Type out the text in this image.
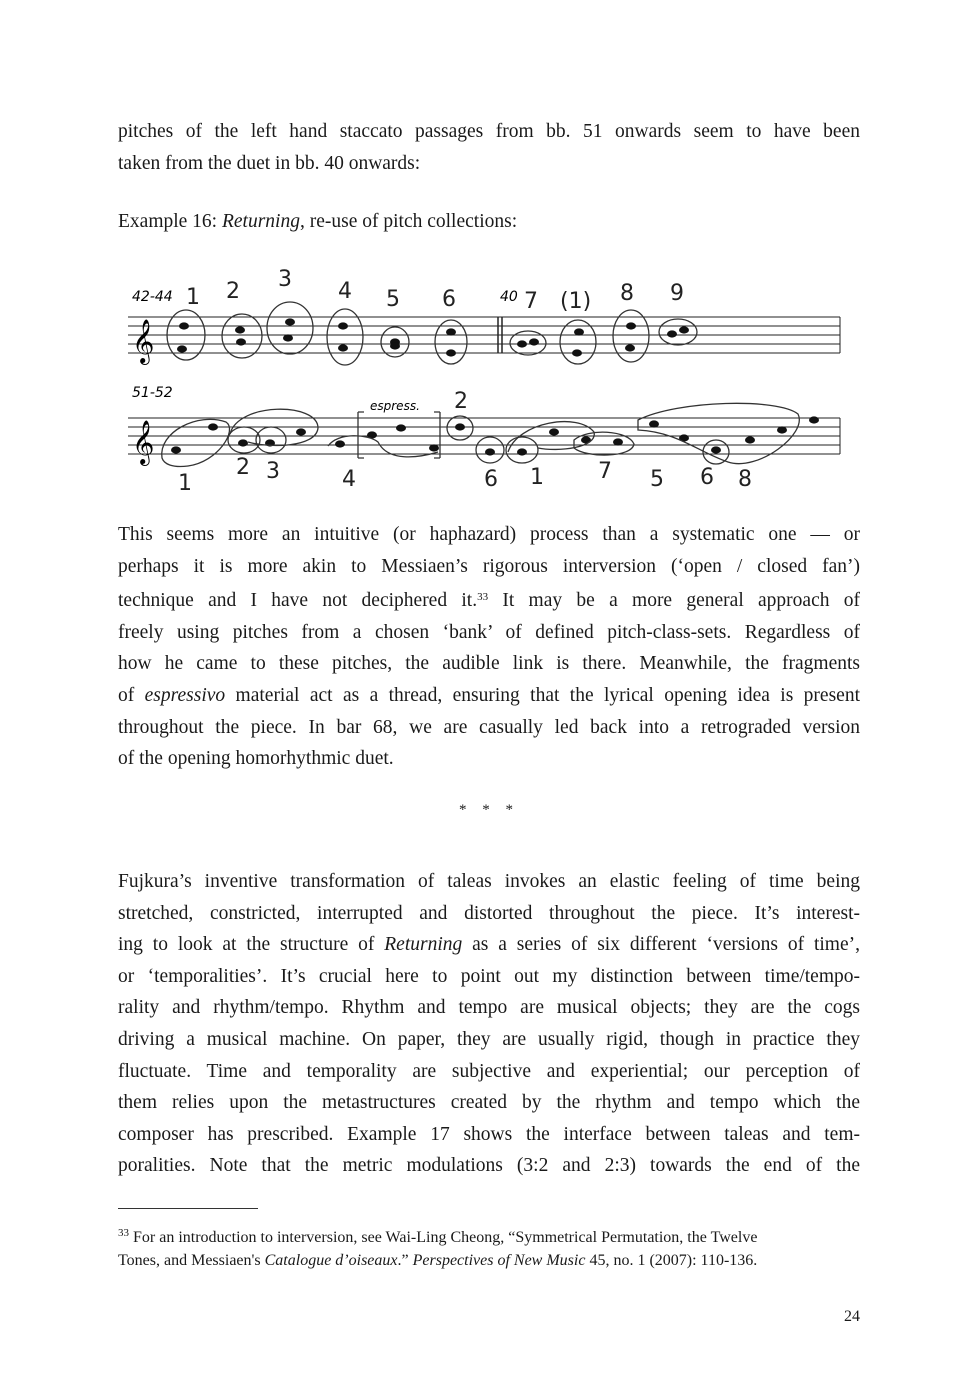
pitches of the left hand staccato passages from bb. 51 onwards seem to have been
taken from the duet in bb. 40 onwards:

Example 16: Returning, re-use of pitch collections:

𝄞
42-44	40
1 2 3 4 5 6	7 (1) 8 9
𝄞
51-52
espress.
1
2 3	4
2
6 1 7 5 6 8
This seems more an intuitive (or haphazard) process than a systematic one — or
perhaps it is more akin to Messiaen’s rigorous interversion (‘open / closed fan’)
technique and I have not deciphered it.$^{33}$ It may be a more general approach of
freely using pitches from a chosen ‘bank’ of defined pitch-class-sets. Regardless of
how he came to these pitches, the audible link is there. Meanwhile, the fragments
of espressivo material act as a thread, ensuring that the lyrical opening idea is present
throughout the piece. In bar 68, we are casually led back into a retrograded version
of the opening homorhythmic duet.
* * *
Fujkura’s inventive transformation of taleas invokes an elastic feeling of time being
stretched, constricted, interrupted and distorted throughout the piece. It’s interest-
ing to look at the structure of Returning as a series of six different ‘versions of time’,
or ‘temporalities’. It’s crucial here to point out my distinction between time/tempo-
rality and rhythm/tempo. Rhythm and tempo are musical objects; they are the cogs
driving a musical machine. On paper, they are usually rigid, though in practice they
fluctuate. Time and temporality are subjective and experiential; our perception of
them relies upon the metastructures created by the rhythm and tempo which the
composer has prescribed. Example 17 shows the interface between taleas and tem-
poralities. Note that the metric modulations (3:2 and 2:3) towards the end of the
$^{33}$ For an introduction to interversion, see Wai-Ling Cheong, “Symmetrical Permutation, the Twelve
Tones, and Messiaen's Catalogue d’oiseaux.” Perspectives of New Music 45, no. 1 (2007): 110-136.
24
